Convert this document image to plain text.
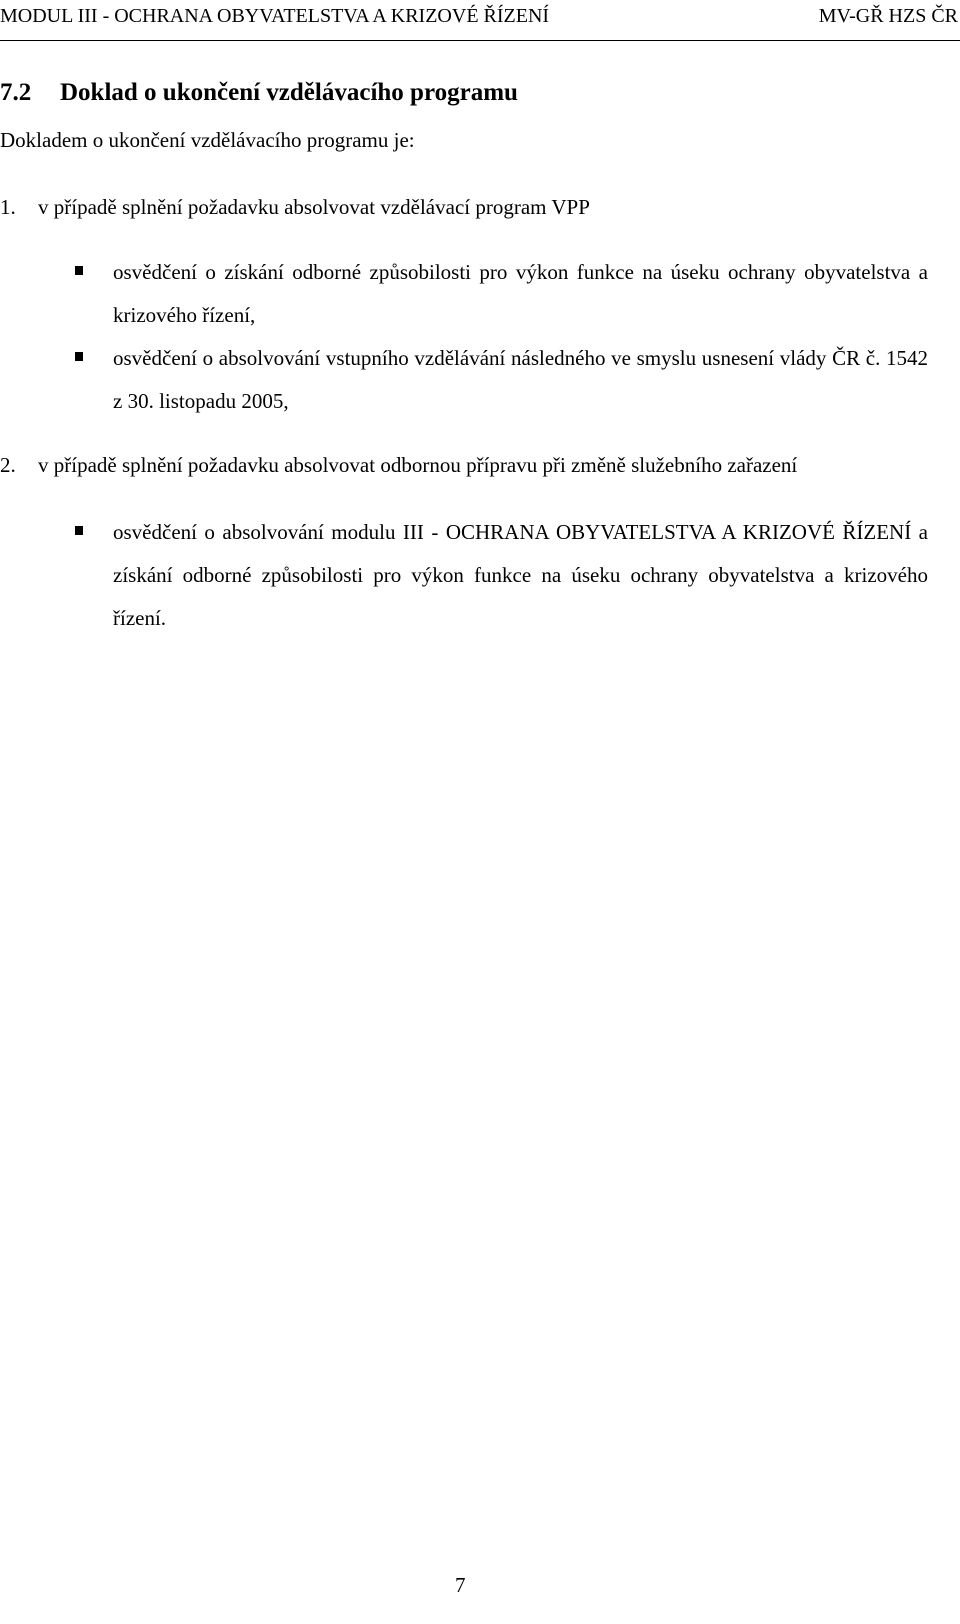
MODUL III - OCHRANA OBYVATELSTVA A KRIZOVÉ ŘÍZENÍ	MV-GŘ HZS ČR
7.2 Doklad o ukončení vzdělávacího programu
Dokladem o ukončení vzdělávacího programu je:
1. v případě splnění požadavku absolvovat vzdělávací program VPP
osvědčení o získání odborné způsobilosti pro výkon funkce na úseku ochrany obyvatelstva a krizového řízení,
osvědčení o absolvování vstupního vzdělávání následného ve smyslu usnesení vlády ČR č. 1542 z 30. listopadu 2005,
2. v případě splnění požadavku absolvovat odbornou přípravu při změně služebního zařazení
osvědčení o absolvování modulu III - OCHRANA OBYVATELSTVA A KRIZOVÉ ŘÍZENÍ a získání odborné způsobilosti pro výkon funkce na úseku ochrany obyvatelstva a krizového řízení.
7
